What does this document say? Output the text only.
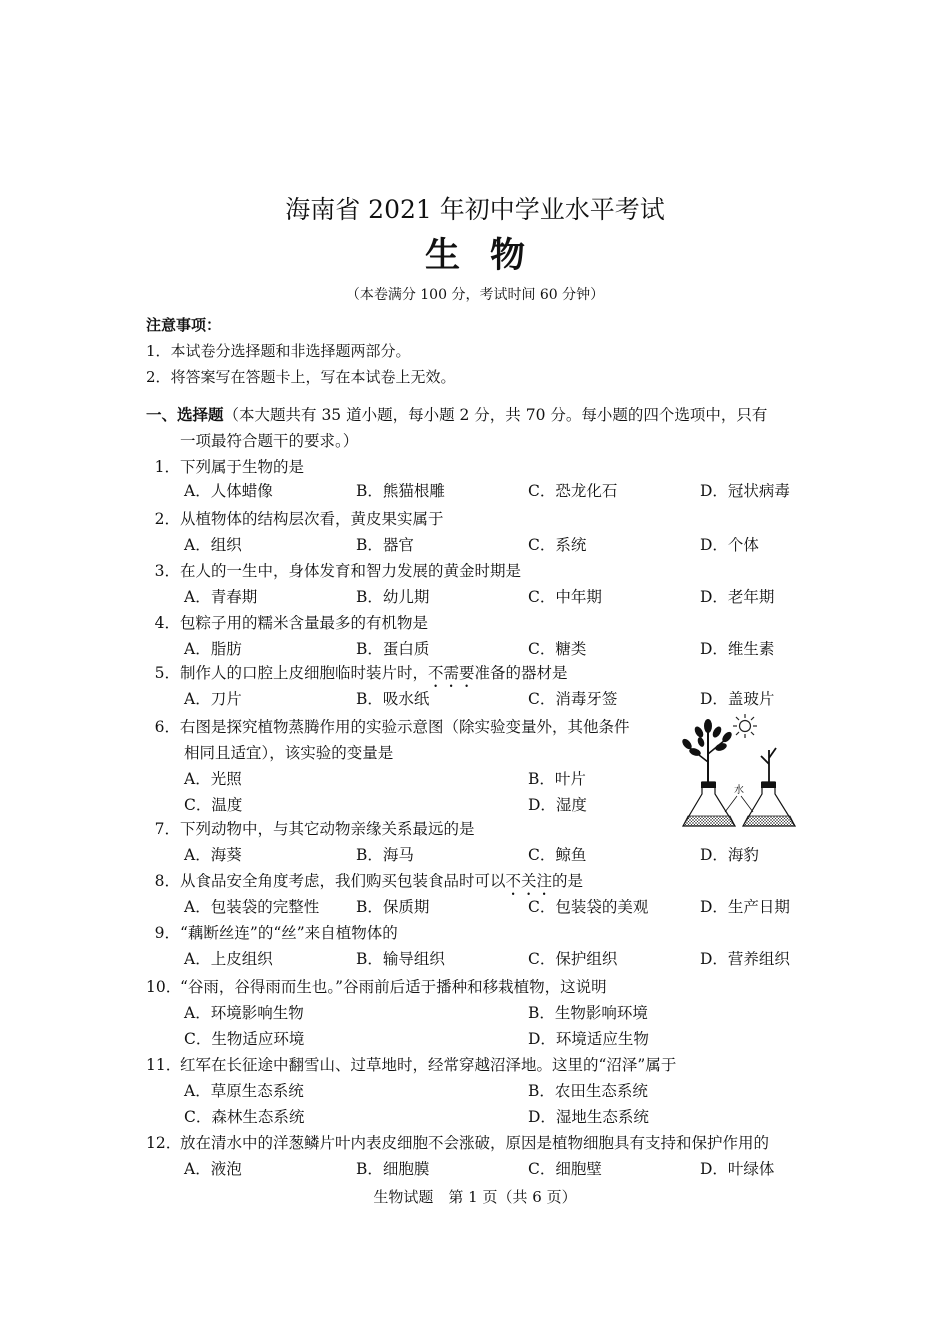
海南省 2021 年初中学业水平考试
生物
（本卷满分 100 分，考试时间 60 分钟）
注意事项：
1．本试卷分选择题和非选择题两部分。
2．将答案写在答题卡上，写在本试卷上无效。
一、选择题（本大题共有 35 道小题，每小题 2 分，共 70 分。每小题的四个选项中，只有
一项最符合题干的要求。）
1．下列属于生物的是
A．人体蜡像	B．熊猫根雕	C．恐龙化石	D．冠状病毒
2．从植物体的结构层次看，黄皮果实属于
A．组织	B．器官	C．系统	D．个体
3．在人的一生中，身体发育和智力发展的黄金时期是
A．青春期	B．幼儿期	C．中年期	D．老年期
4．包粽子用的糯米含量最多的有机物是
A．脂肪	B．蛋白质	C．糖类	D．维生素
5．制作人的口腔上皮细胞临时装片时，不需要准备的器材是
A．刀片	B．吸水纸	C．消毒牙签	D．盖玻片
6．右图是探究植物蒸腾作用的实验示意图（除实验变量外，其他条件
相同且适宜），该实验的变量是
A．光照	B．叶片
C．温度	D．湿度
水
7．下列动物中，与其它动物亲缘关系最远的是
A．海葵	B．海马	C．鲸鱼	D．海豹
8．从食品安全角度考虑，我们购买包装食品时可以不关注的是
A．包装袋的完整性 B．保质期	C．包装袋的美观	D．生产日期
9．“藕断丝连”的“丝”来自植物体的
A．上皮组织	B．输导组织	C．保护组织	D．营养组织
10．“谷雨，谷得雨而生也。”谷雨前后适于播种和移栽植物，这说明
A．环境影响生物	B．生物影响环境
C．生物适应环境	D．环境适应生物
11．红军在长征途中翻雪山、过草地时，经常穿越沼泽地。这里的“沼泽”属于
A．草原生态系统	B．农田生态系统
C．森林生态系统	D．湿地生态系统
12．放在清水中的洋葱鳞片叶内表皮细胞不会涨破，原因是植物细胞具有支持和保护作用的
A．液泡	B．细胞膜	C．细胞壁	D．叶绿体
生物试题　第 1 页（共 6 页）
